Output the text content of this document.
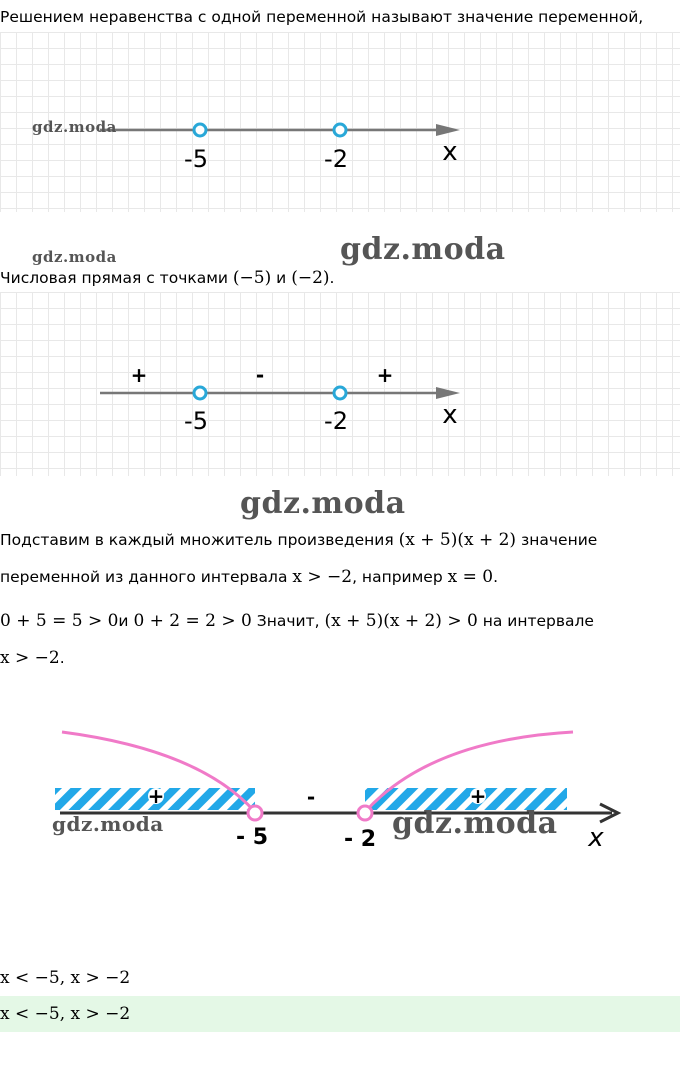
Решением неравенства с одной переменной называют значение переменной,
-5	-2	x
gdz.moda
gdz.moda	gdz.moda
Числовая прямая с точками (−5) и (−2).
-5	-2	x
+	-	+
gdz.moda
Подставим в каждый множитель произведения (x + 5)(x + 2) значение
переменной из данного интервала x > −2, например x = 0.
0 + 5 = 5 > 0и 0 + 2 = 2 > 0 Значит, (x + 5)(x + 2) > 0 на интервале
x > −2.
+	-	+
- 5	- 2	x
gdz.moda	gdz.moda
x < −5, x > −2
x < −5, x > −2
